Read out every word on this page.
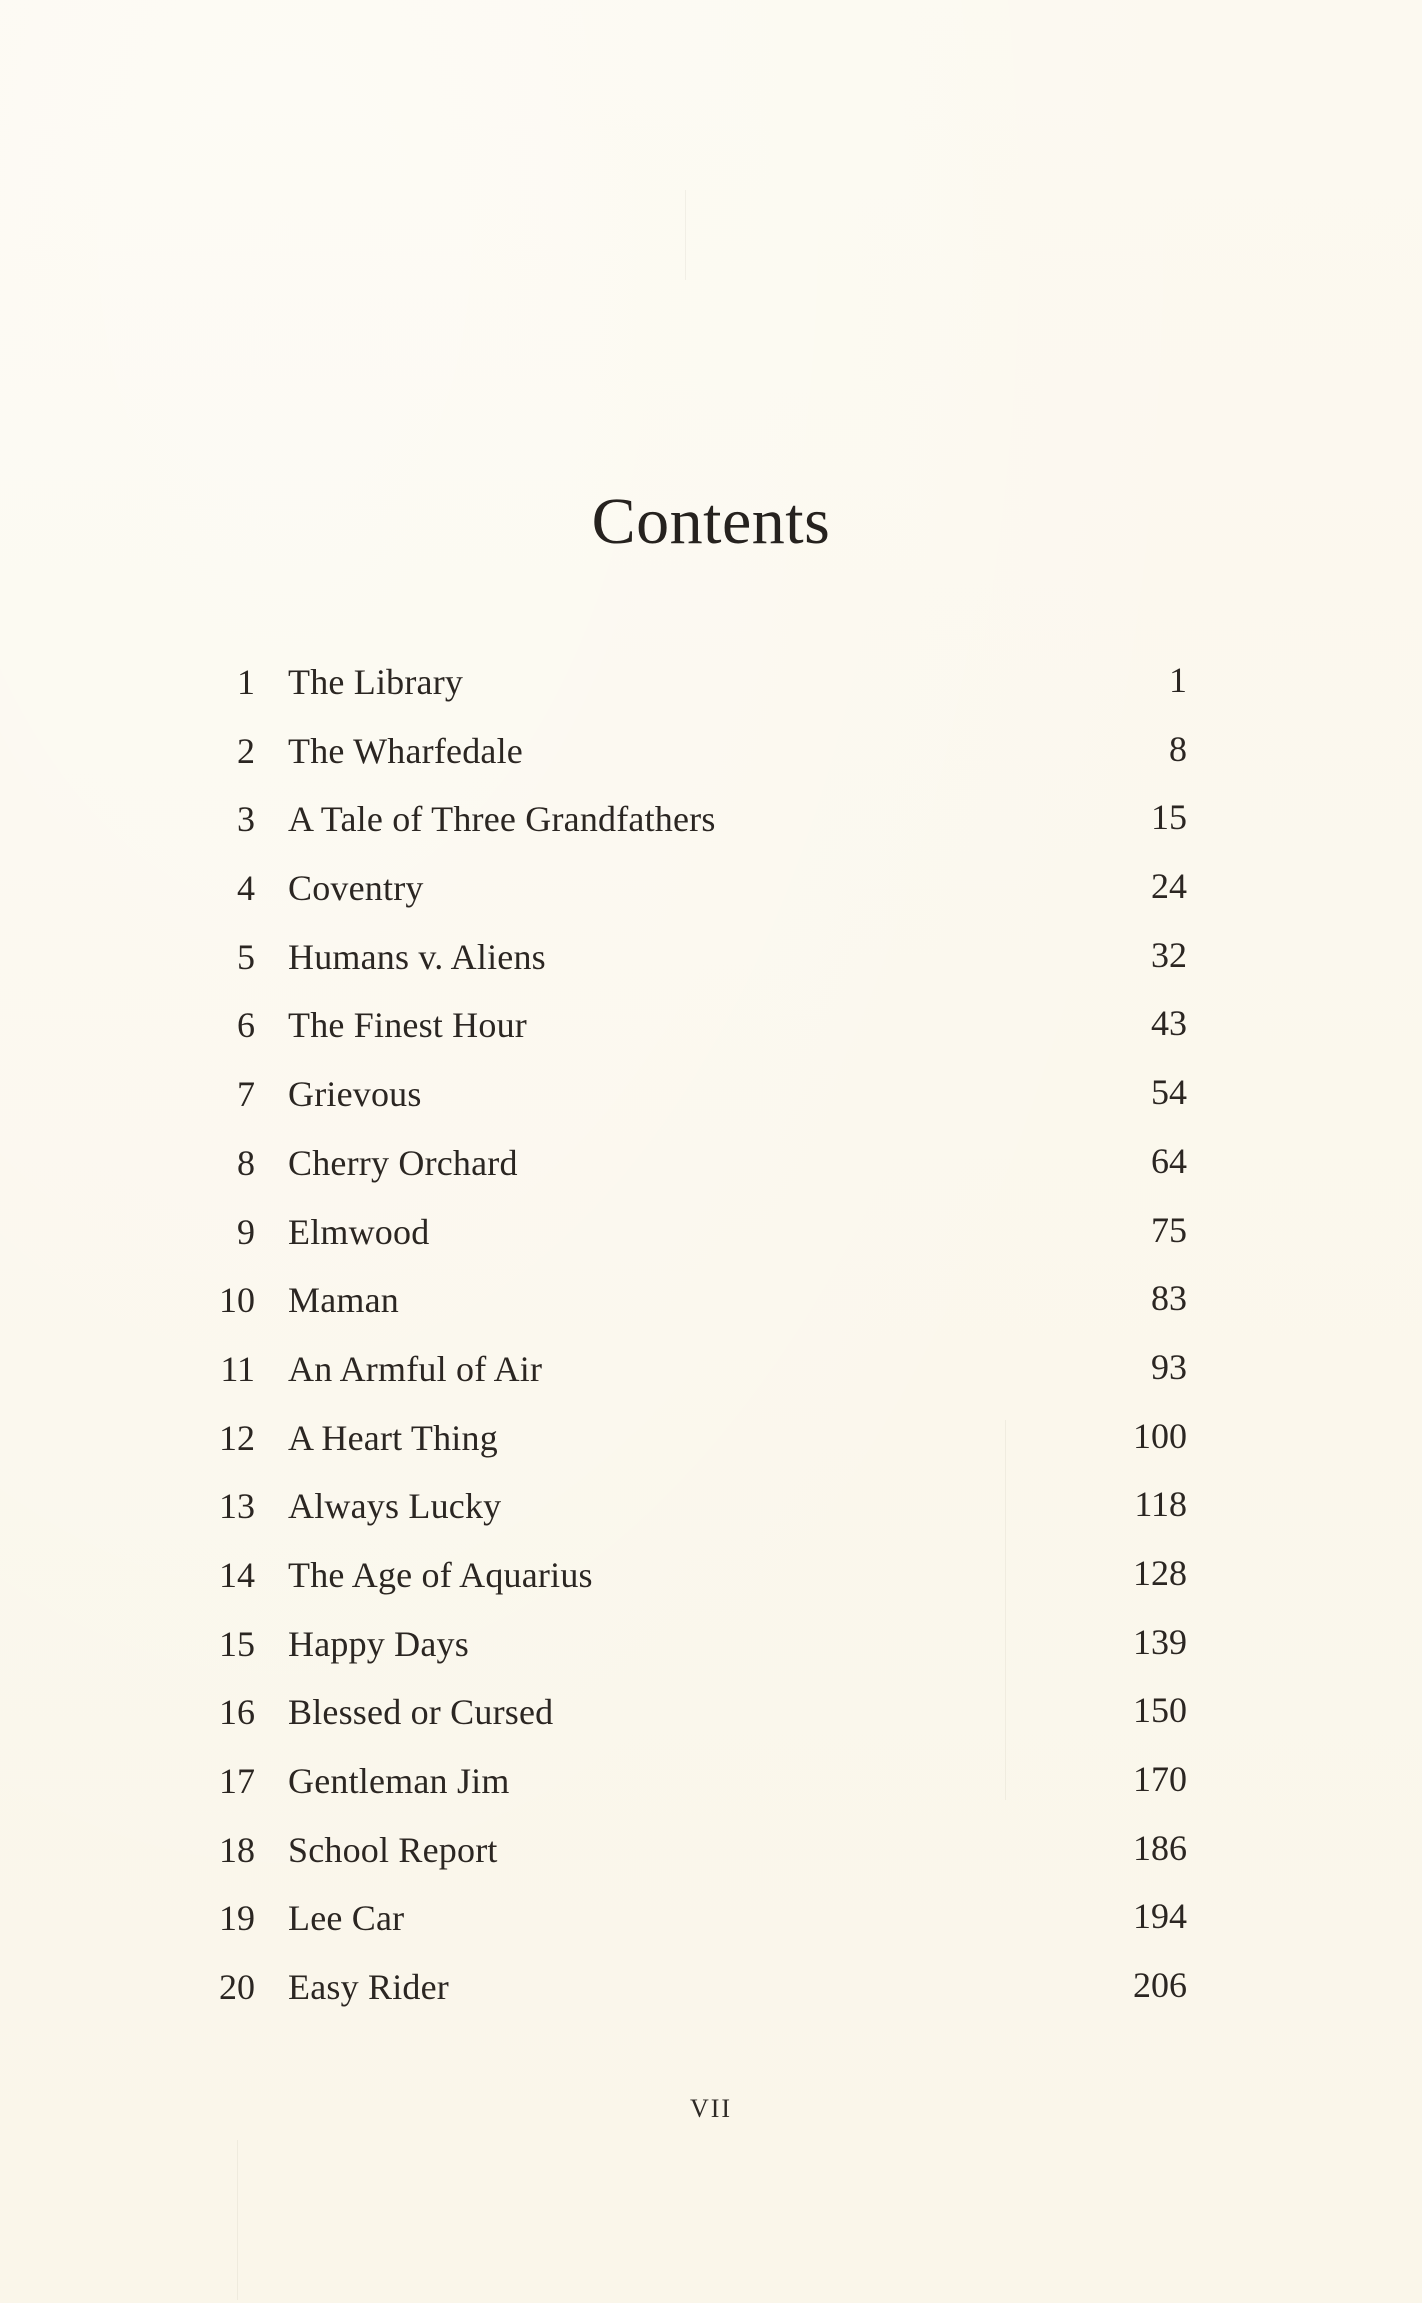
Contents
1 The Library	1
2 The Wharfedale	8
3 A Tale of Three Grandfathers	15
4 Coventry	24
5 Humans v. Aliens	32
6 The Finest Hour	43
7 Grievous	54
8 Cherry Orchard	64
9 Elmwood	75
10 Maman	83
11 An Armful of Air	93
12 A Heart Thing	100
13 Always Lucky	118
14 The Age of Aquarius	128
15 Happy Days	139
16 Blessed or Cursed	150
17 Gentleman Jim	170
18 School Report	186
19 Lee Car	194
20 Easy Rider	206
VII
